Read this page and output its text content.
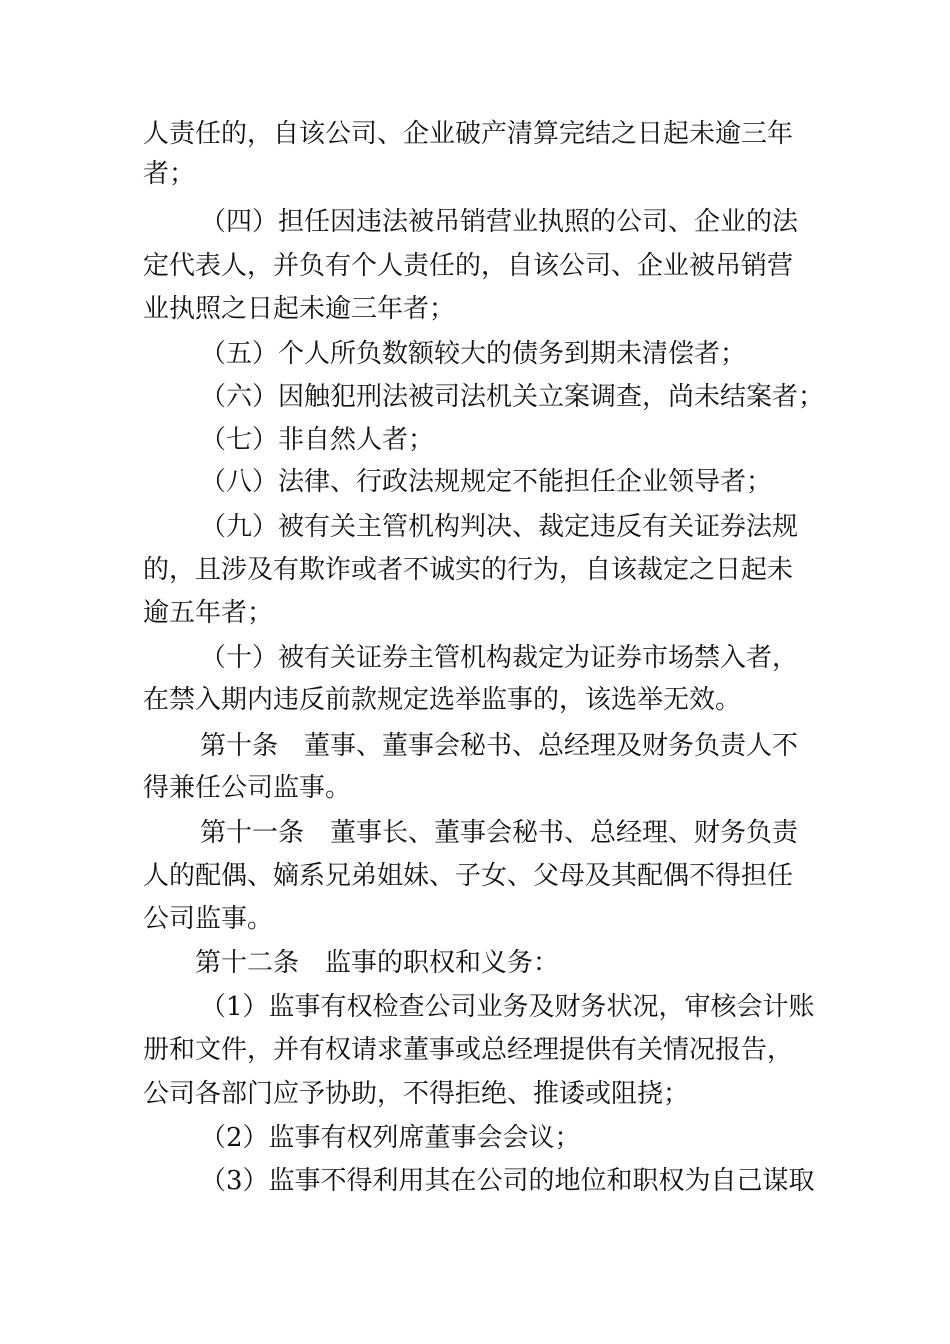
人责任的，自该公司、企业破产清算完结之日起未逾三年
者；
（四）担任因违法被吊销营业执照的公司、企业的法
定代表人，并负有个人责任的，自该公司、企业被吊销营
业执照之日起未逾三年者；
（五）个人所负数额较大的债务到期未清偿者；
（六）因触犯刑法被司法机关立案调查，尚未结案者；
（七）非自然人者；
（八）法律、行政法规规定不能担任企业领导者；
（九）被有关主管机构判决、裁定违反有关证券法规
的，且涉及有欺诈或者不诚实的行为，自该裁定之日起未
逾五年者；
（十）被有关证券主管机构裁定为证券市场禁入者，
在禁入期内违反前款规定选举监事的，该选举无效。
第十条　董事、董事会秘书、总经理及财务负责人不
得兼任公司监事。
第十一条　董事长、董事会秘书、总经理、财务负责
人的配偶、嫡系兄弟姐妹、子女、父母及其配偶不得担任
公司监事。
第十二条　监事的职权和义务：
（1）监事有权检查公司业务及财务状况，审核会计账
册和文件，并有权请求董事或总经理提供有关情况报告，
公司各部门应予协助，不得拒绝、推诿或阻挠；
（2）监事有权列席董事会会议；
（3）监事不得利用其在公司的地位和职权为自己谋取
